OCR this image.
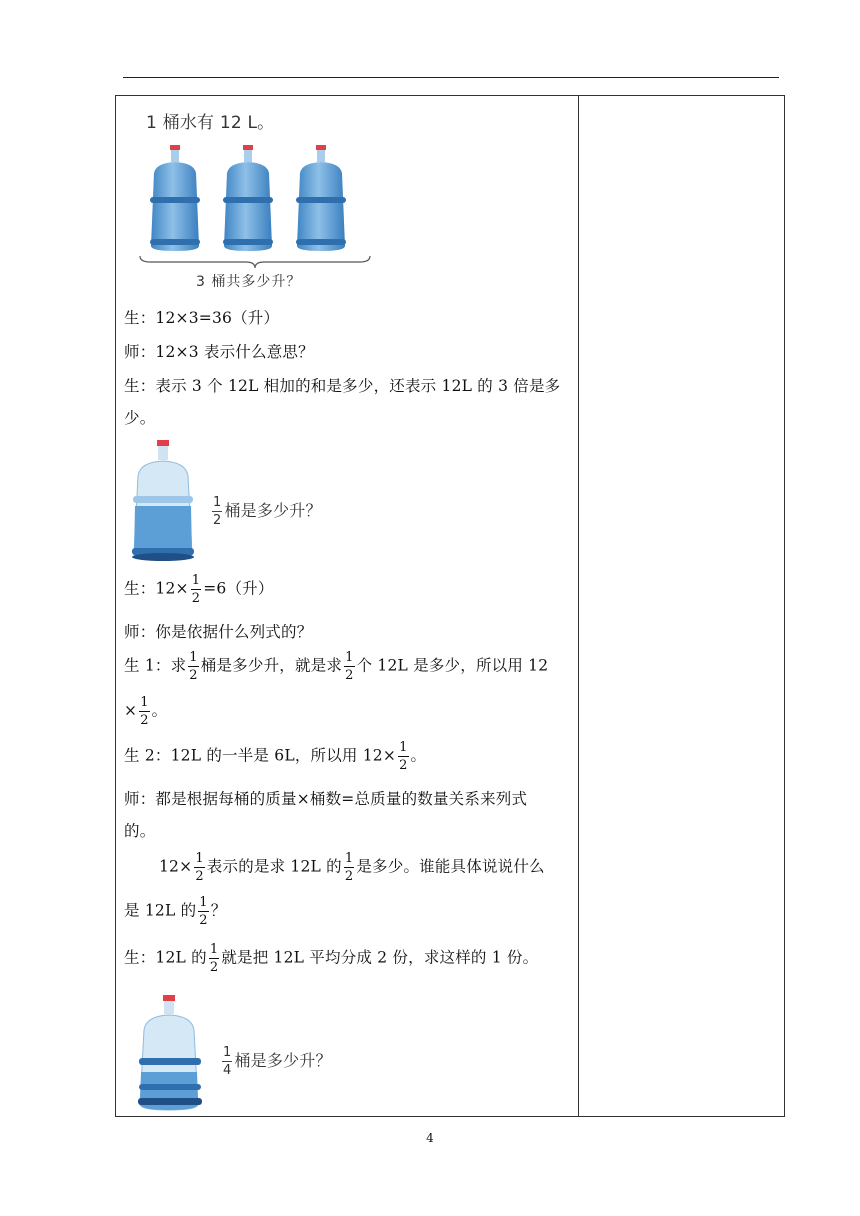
1 桶水有 12 L。
3 桶共多少升？
生：12×3=36（升）
师：12×3 表示什么意思？
生：表示 3 个 12L 相加的和是多少，还表示 12L 的 3 倍是多
少。
$\frac{1}{2}$ 桶是多少升？
生：$12\times \frac{1}{2} =6$（升）
师：你是依据什么列式的？
生 1：求 $\frac{1}{2}$ 桶是多少升，就是求 $\frac{1}{2}$ 个 12L 是多少，所以用 12
× $\frac{1}{2}$ 。
生 2：12L 的一半是 6L，所以用 $12\times \frac{1}{2}$ 。
师：都是根据每桶的质量×桶数=总质量的数量关系来列式
的。
$12\times \frac{1}{2}$ 表示的是求 12L 的 $\frac{1}{2}$ 是多少。谁能具体说说什么
是 12L 的 $\frac{1}{2}$ ？
生：12L 的 $\frac{1}{2}$ 就是把 12L 平均分成 2 份，求这样的 1 份。
$\frac{1}{4}$ 桶是多少升？
4
